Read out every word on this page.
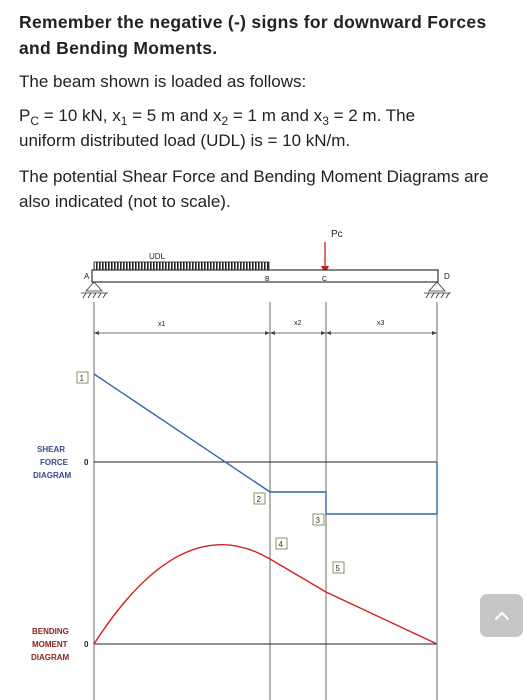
Remember the negative (-) signs for downward Forces and Bending Moments.
The beam shown is loaded as follows:
$P_C = 10$ kN, $x_1 = 5$ m and $x_2 = 1$ m and $x_3 = 2$ m. The
uniform distributed load (UDL) is = 10 kN/m.
The potential Shear Force and Bending Moment Diagrams are also indicated (not to scale).
Pc
UDL
A	B	C	D
x1	x2	x3
SHEAR
FORCE
DIAGRAM
0
BENDING
MOMENT
DIAGRAM
0
1
2
3
4
5
